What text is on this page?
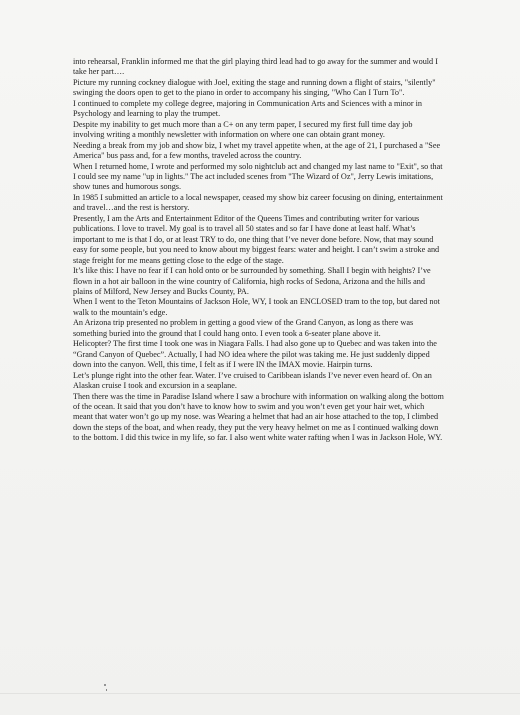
into rehearsal, Franklin informed me that the girl playing third lead had to go away for the summer and would I take her part….

Picture my running cockney dialogue with Joel, exiting the stage and running down a flight of stairs, "silently" swinging the doors open to get to the piano in order to accompany his singing, "Who Can I Turn To".

I continued to complete my college degree, majoring in Communication Arts and Sciences with a minor in Psychology and learning to play the trumpet.

Despite my inability to get much more than a C+ on any term paper, I secured my first full time day job involving writing a monthly newsletter with information on where one can obtain grant money.

Needing a break from my job and show biz, I whet my travel appetite when, at the age of 21, I purchased a "See America" bus pass and, for a few months, traveled across the country.

When I returned home, I wrote and performed my solo nightclub act and changed my last name to "Exit", so that I could see my name "up in lights." The act included scenes from "The Wizard of Oz", Jerry Lewis imitations, show tunes and humorous songs.

In 1985 I submitted an article to a local newspaper, ceased my show biz career focusing on dining, entertainment and travel…and the rest is herstory.

Presently, I am the Arts and Entertainment Editor of the Queens Times and contributing writer for various publications. I love to travel. My goal is to travel all 50 states and so far I have done at least half. What’s important to me is that I do, or at least TRY to do, one thing that I’ve never done before. Now, that may sound easy for some people, but you need to know about my biggest fears: water and height. I can’t swim a stroke and stage freight for me means getting close to the edge of the stage.

It’s like this: I have no fear if I can hold onto or be surrounded by something. Shall I begin with heights? I’ve flown in a hot air balloon in the wine country of California, high rocks of Sedona, Arizona and the hills and plains of Milford, New Jersey and Bucks County, PA.

When I went to the Teton Mountains of Jackson Hole, WY, I took an ENCLOSED tram to the top, but dared not walk to the mountain’s edge.

An Arizona trip presented no problem in getting a good view of the Grand Canyon, as long as there was something buried into the ground that I could hang onto. I even took a 6-seater plane above it.

Helicopter? The first time I took one was in Niagara Falls. I had also gone up to Quebec and was taken into the “Grand Canyon of Quebec”. Actually, I had NO idea where the pilot was taking me. He just suddenly dipped down into the canyon. Well, this time, I felt as if I were IN the IMAX movie. Hairpin turns.

Let’s plunge right into the other fear. Water. I’ve cruised to Caribbean islands I’ve never even heard of. On an Alaskan cruise I took and excursion in a seaplane.

Then there was the time in Paradise Island where I saw a brochure with information on walking along the bottom of the ocean. It said that you don’t have to know how to swim and you won’t even get your hair wet, which meant that water won’t go up my nose. was Wearing a helmet that had an air hose attached to the top, I climbed down the steps of the boat, and when ready, they put the very heavy helmet on me as I continued walking down to the bottom. I did this twice in my life, so far. I also went white water rafting when I was in Jackson Hole, WY.
